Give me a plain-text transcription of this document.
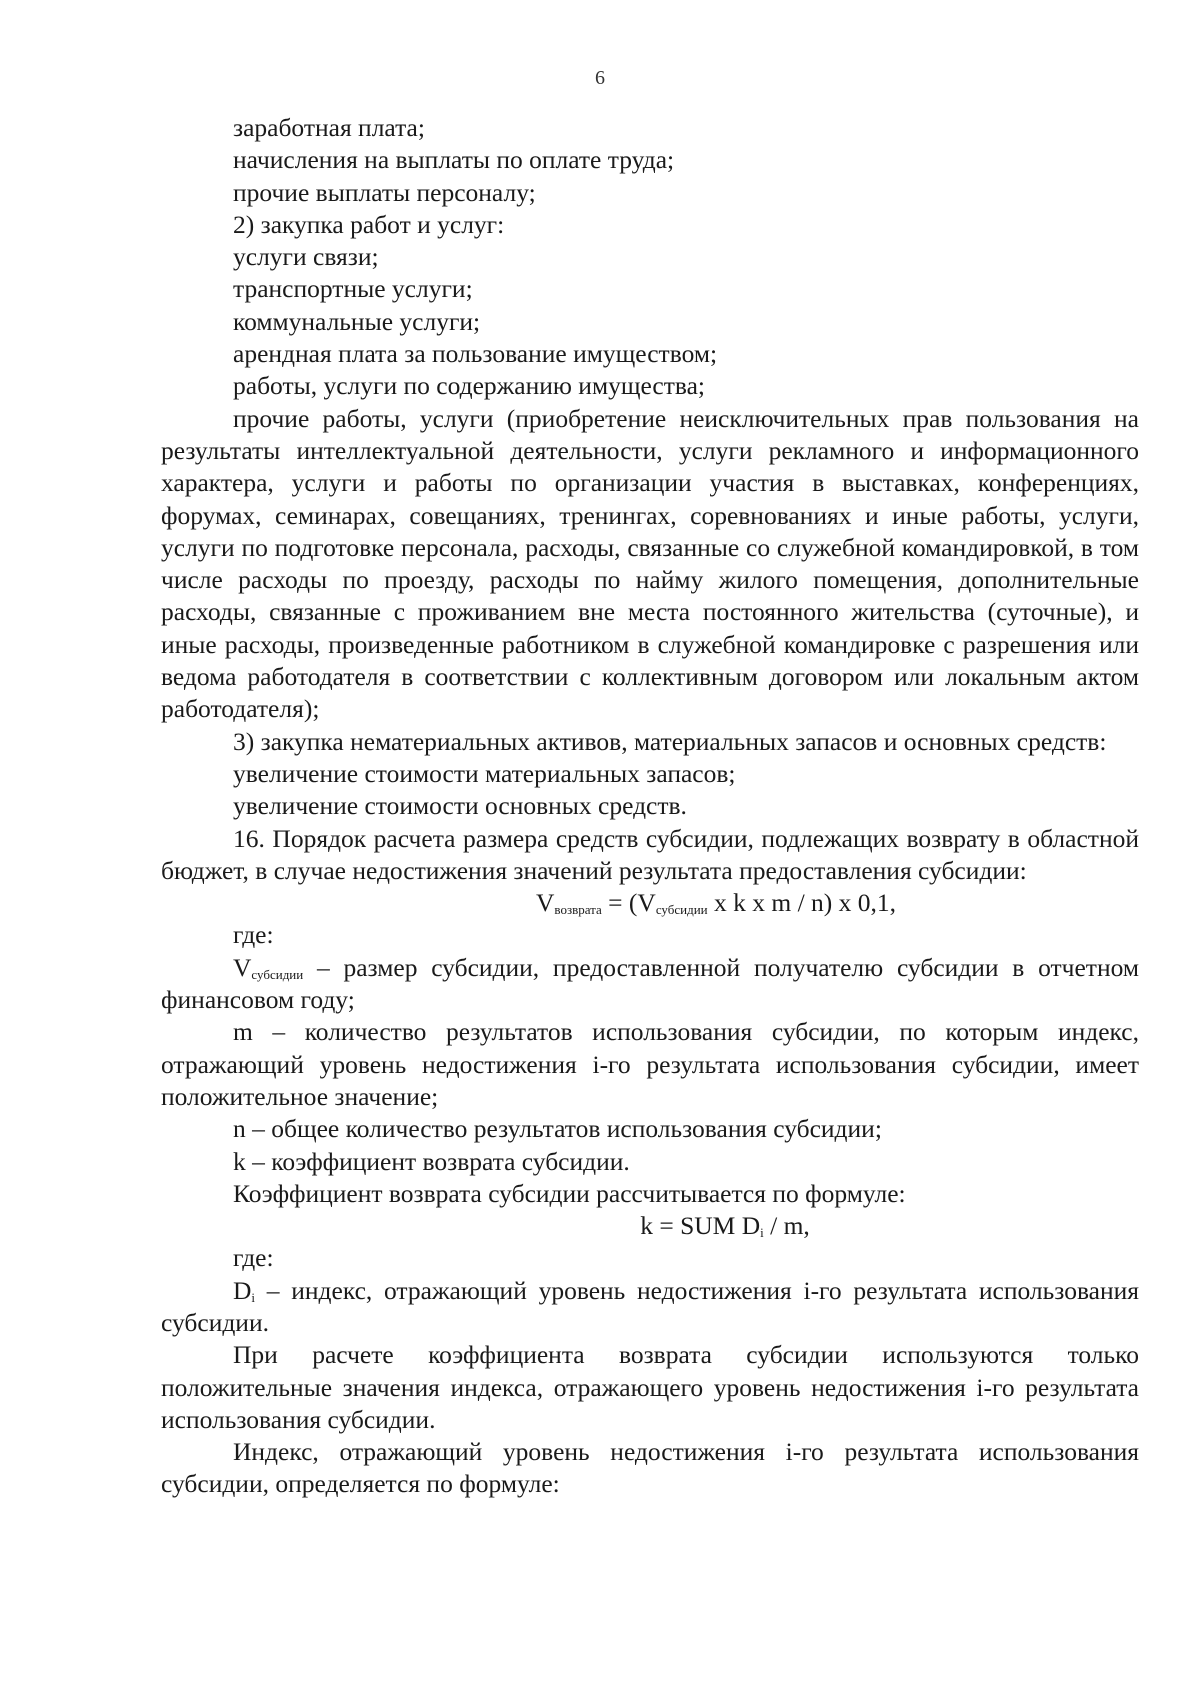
6

заработная плата;

начисления на выплаты по оплате труда;

прочие выплаты персоналу;

2) закупка работ и услуг:

услуги связи;

транспортные услуги;

коммунальные услуги;

арендная плата за пользование имуществом;

работы, услуги по содержанию имущества;

прочие работы, услуги (приобретение неисключительных прав пользования на результаты интеллектуальной деятельности, услуги рекламного и информационного характера, услуги и работы по организации участия в выставках, конференциях, форумах, семинарах, совещаниях, тренингах, соревнованиях и иные работы, услуги, услуги по подготовке персонала, расходы, связанные со служебной командировкой, в том числе расходы по проезду, расходы по найму жилого помещения, дополнительные расходы, связанные с проживанием вне места постоянного жительства (суточные), и иные расходы, произведенные работником в служебной командировке с разрешения или ведома работодателя в соответствии с коллективным договором или локальным актом работодателя);

3) закупка нематериальных активов, материальных запасов и основных средств:

увеличение стоимости материальных запасов;

увеличение стоимости основных средств.

16. Порядок расчета размера средств субсидии, подлежащих возврату в областной бюджет, в случае недостижения значений результата предоставления субсидии:

$V_{возврата} = (V_{субсидии}$ x k x m / n) x 0,1,

где:

$V_{субсидии}$ – размер субсидии, предоставленной получателю субсидии в отчетном финансовом году;

m – количество результатов использования субсидии, по которым индекс, отражающий уровень недостижения i-го результата использования субсидии, имеет положительное значение;

n – общее количество результатов использования субсидии;

k – коэффициент возврата субсидии.

Коэффициент возврата субсидии рассчитывается по формуле:

k = SUM $D_i$ / m,

где:

$D_i$ – индекс, отражающий уровень недостижения i-го результата использования субсидии.

При расчете коэффициента возврата субсидии используются только положительные значения индекса, отражающего уровень недостижения i-го результата использования субсидии.

Индекс, отражающий уровень недостижения i-го результата использования субсидии, определяется по формуле:
